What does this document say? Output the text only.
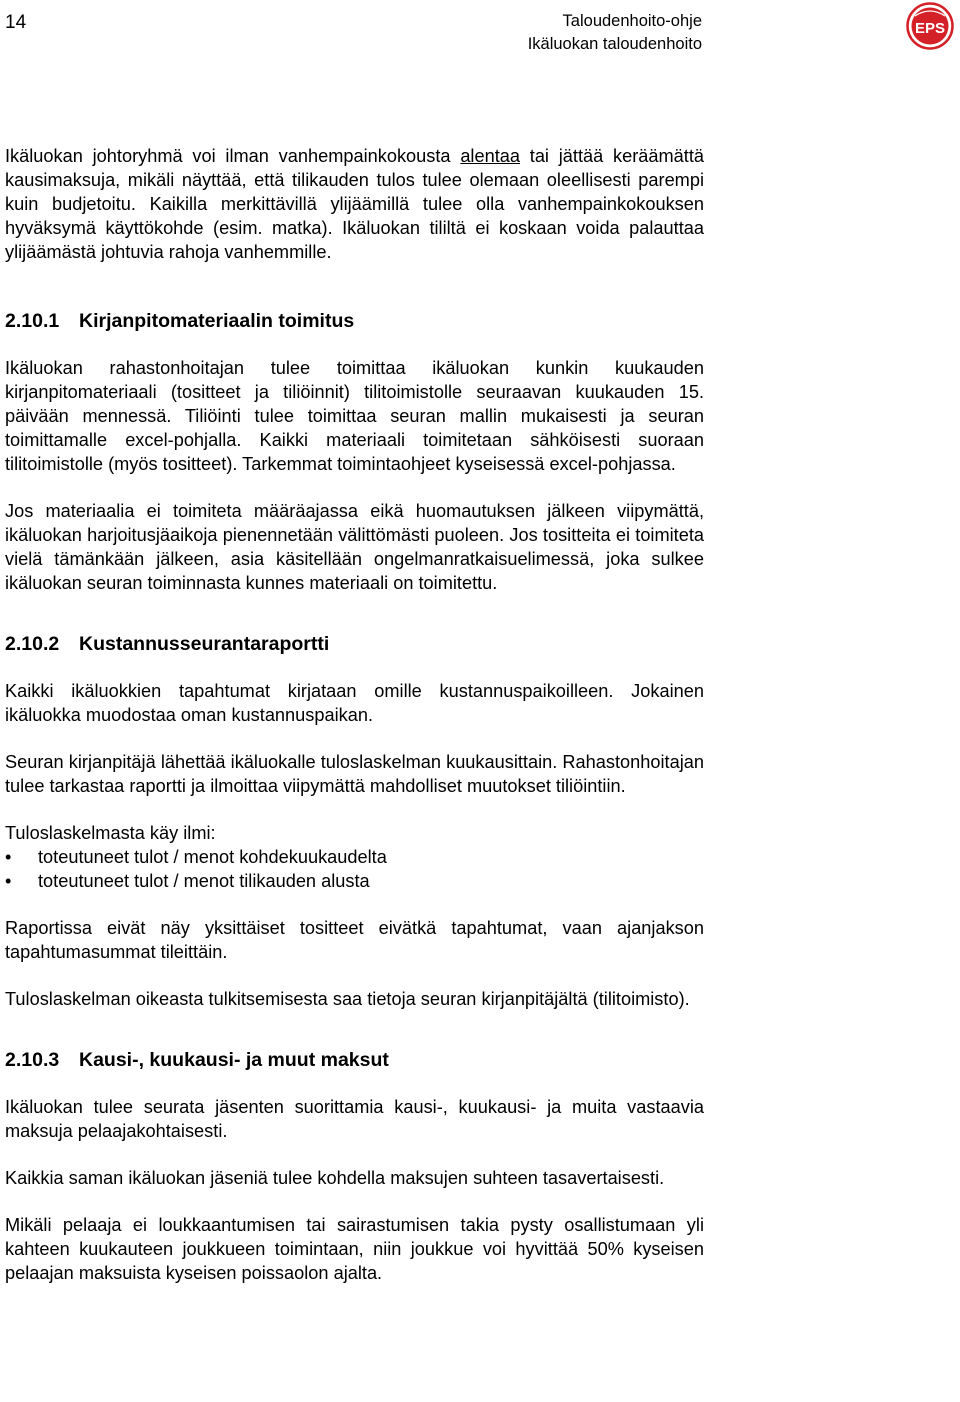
14	Taloudenhoito-ohje
Ikäluokan taloudenhoito
EPS

Ikäluokan johtoryhmä voi ilman vanhempainkokousta alentaa tai jättää keräämättä kausimaksuja, mikäli näyttää, että tilikauden tulos tulee olemaan oleellisesti parempi kuin budjetoitu. Kaikilla merkittävillä ylijäämillä tulee olla vanhempainkokouksen hyväksymä käyttökohde (esim. matka). Ikäluokan tililtä ei koskaan voida palauttaa ylijäämästä johtuvia rahoja vanhemmille.

2.10.1 Kirjanpitomateriaalin toimitus

Ikäluokan rahastonhoitajan tulee toimittaa ikäluokan kunkin kuukauden kirjanpitomateriaali (tositteet ja tiliöinnit) tilitoimistolle seuraavan kuukauden 15. päivään mennessä. Tiliöinti tulee toimittaa seuran mallin mukaisesti ja seuran toimittamalle excel-pohjalla. Kaikki materiaali toimitetaan sähköisesti suoraan tilitoimistolle (myös tositteet). Tarkemmat toimintaohjeet kyseisessä excel-pohjassa.

Jos materiaalia ei toimiteta määräajassa eikä huomautuksen jälkeen viipymättä, ikäluokan harjoitusjäaikoja pienennetään välittömästi puoleen. Jos tositteita ei toimiteta vielä tämänkään jälkeen, asia käsitellään ongelmanratkaisuelimessä, joka sulkee ikäluokan seuran toiminnasta kunnes materiaali on toimitettu.

2.10.2 Kustannusseurantaraportti

Kaikki ikäluokkien tapahtumat kirjataan omille kustannuspaikoilleen. Jokainen ikäluokka muodostaa oman kustannuspaikan.

Seuran kirjanpitäjä lähettää ikäluokalle tuloslaskelman kuukausittain. Rahastonhoitajan tulee tarkastaa raportti ja ilmoittaa viipymättä mahdolliset muutokset tiliöintiin.

Tuloslaskelmasta käy ilmi:

• toteutuneet tulot / menot kohdekuukaudelta
• toteutuneet tulot / menot tilikauden alusta

Raportissa eivät näy yksittäiset tositteet eivätkä tapahtumat, vaan ajanjakson tapahtumasummat tileittäin.

Tuloslaskelman oikeasta tulkitsemisesta saa tietoja seuran kirjanpitäjältä (tilitoimisto).

2.10.3 Kausi-, kuukausi- ja muut maksut

Ikäluokan tulee seurata jäsenten suorittamia kausi-, kuukausi- ja muita vastaavia maksuja pelaajakohtaisesti.

Kaikkia saman ikäluokan jäseniä tulee kohdella maksujen suhteen tasavertaisesti.

Mikäli pelaaja ei loukkaantumisen tai sairastumisen takia pysty osallistumaan yli kahteen kuukauteen joukkueen toimintaan, niin joukkue voi hyvittää 50% kyseisen pelaajan maksuista kyseisen poissaolon ajalta.
